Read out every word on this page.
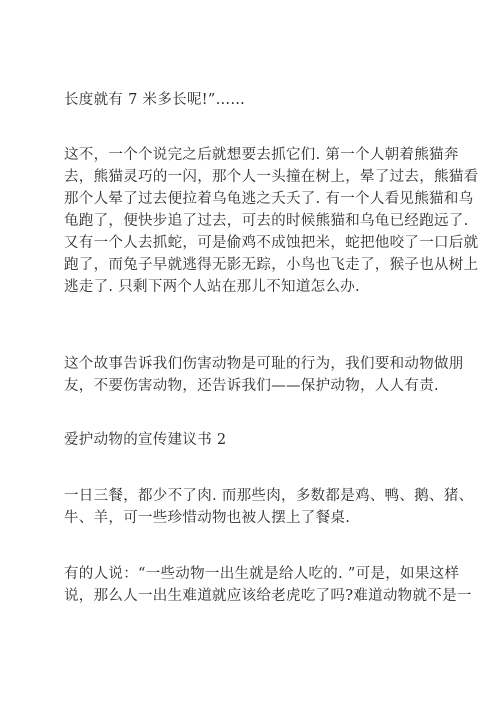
长度就有 7 米多长呢!”……
这不，一个个说完之后就想要去抓它们. 第一个人朝着熊猫奔
去，熊猫灵巧的一闪，那个人一头撞在树上，晕了过去，熊猫看
那个人晕了过去便拉着乌龟逃之夭夭了. 有一个人看见熊猫和乌
龟跑了，便快步追了过去，可去的时候熊猫和乌龟已经跑远了.
又有一个人去抓蛇，可是偷鸡不成蚀把米，蛇把他咬了一口后就
跑了，而兔子早就逃得无影无踪，小鸟也飞走了，猴子也从树上
逃走了. 只剩下两个人站在那儿不知道怎么办.
这个故事告诉我们伤害动物是可耻的行为，我们要和动物做朋
友，不要伤害动物，还告诉我们——保护动物，人人有责.
爱护动物的宣传建议书 2
一日三餐，都少不了肉. 而那些肉，多数都是鸡、鸭、鹅、猪、
牛、羊，可一些珍惜动物也被人摆上了餐桌.
有的人说：“一些动物一出生就是给人吃的. ”可是，如果这样
说，那么人一出生难道就应该给老虎吃了吗?难道动物就不是一
